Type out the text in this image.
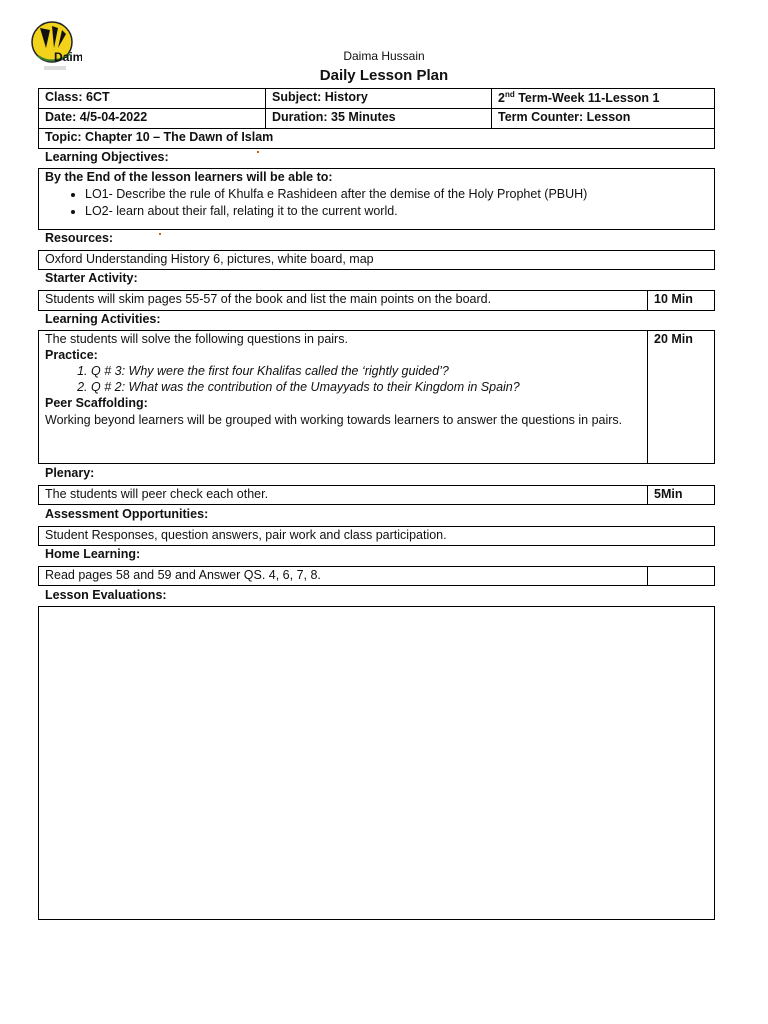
Daim	Daima Hussain
Daily Lesson Plan
Class: 6CT	Subject: History	2nd Term-Week 11-Lesson 1
Date: 4/5-04-2022	Duration: 35 Minutes	Term Counter: Lesson
Topic: Chapter 10 – The Dawn of Islam
Learning Objectives:
By the End of the lesson learners will be able to:
• LO1- Describe the rule of Khulfa e Rashideen after the demise of the Holy Prophet (PBUH)
• LO2- learn about their fall, relating it to the current world.
Resources:
Oxford Understanding History 6, pictures, white board, map
Starter Activity:
Students will skim pages 55-57 of the book and list the main points on the board.	10 Min
Learning Activities:
The students will solve the following questions in pairs.
Practice:
1. Q # 3: Why were the first four Khalifas called the ‘rightly guided’?
2. Q # 2: What was the contribution of the Umayyads to their Kingdom in Spain?
Peer Scaffolding:
Working beyond learners will be grouped with working towards learners to answer the questions in pairs.
20 Min
Plenary:
The students will peer check each other.	5Min
Assessment Opportunities:
Student Responses, question answers, pair work and class participation.
Home Learning:
Read pages 58 and 59 and Answer QS. 4, 6, 7, 8.
Lesson Evaluations:
